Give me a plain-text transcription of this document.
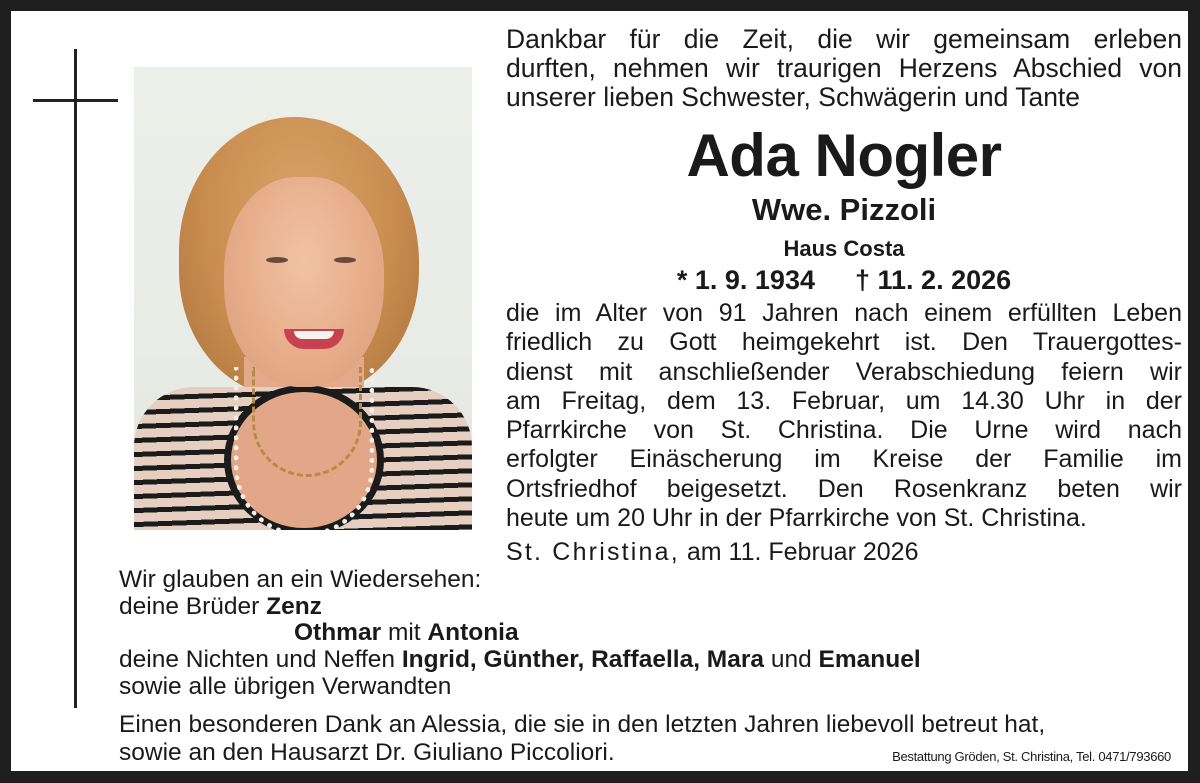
Dankbar für die Zeit, die wir gemeinsam erleben
durften, nehmen wir traurigen Herzens Abschied von
unserer lieben Schwester, Schwägerin und Tante
Ada Nogler
Wwe. Pizzoli
Haus Costa
* 1. 9. 1934 † 11. 2. 2026
die im Alter von 91 Jahren nach einem erfüllten Leben
friedlich zu Gott heimgekehrt ist. Den Trauergottes-
dienst mit anschließender Verabschiedung feiern wir
am Freitag, dem 13. Februar, um 14.30 Uhr in der
Pfarrkirche von St. Christina. Die Urne wird nach
erfolgter Einäscherung im Kreise der Familie im
Ortsfriedhof beigesetzt. Den Rosenkranz beten wir
heute um 20 Uhr in der Pfarrkirche von St. Christina.
St. Christina, am 11. Februar 2026
Wir glauben an ein Wiedersehen:
deine Brüder Zenz
Othmar mit Antonia
deine Nichten und Neffen Ingrid, Günther, Raffaella, Mara und Emanuel
sowie alle übrigen Verwandten
Einen besonderen Dank an Alessia, die sie in den letzten Jahren liebevoll betreut hat,
sowie an den Hausarzt Dr. Giuliano Piccoliori.	Bestattung Gröden, St. Christina, Tel. 0471/793660
